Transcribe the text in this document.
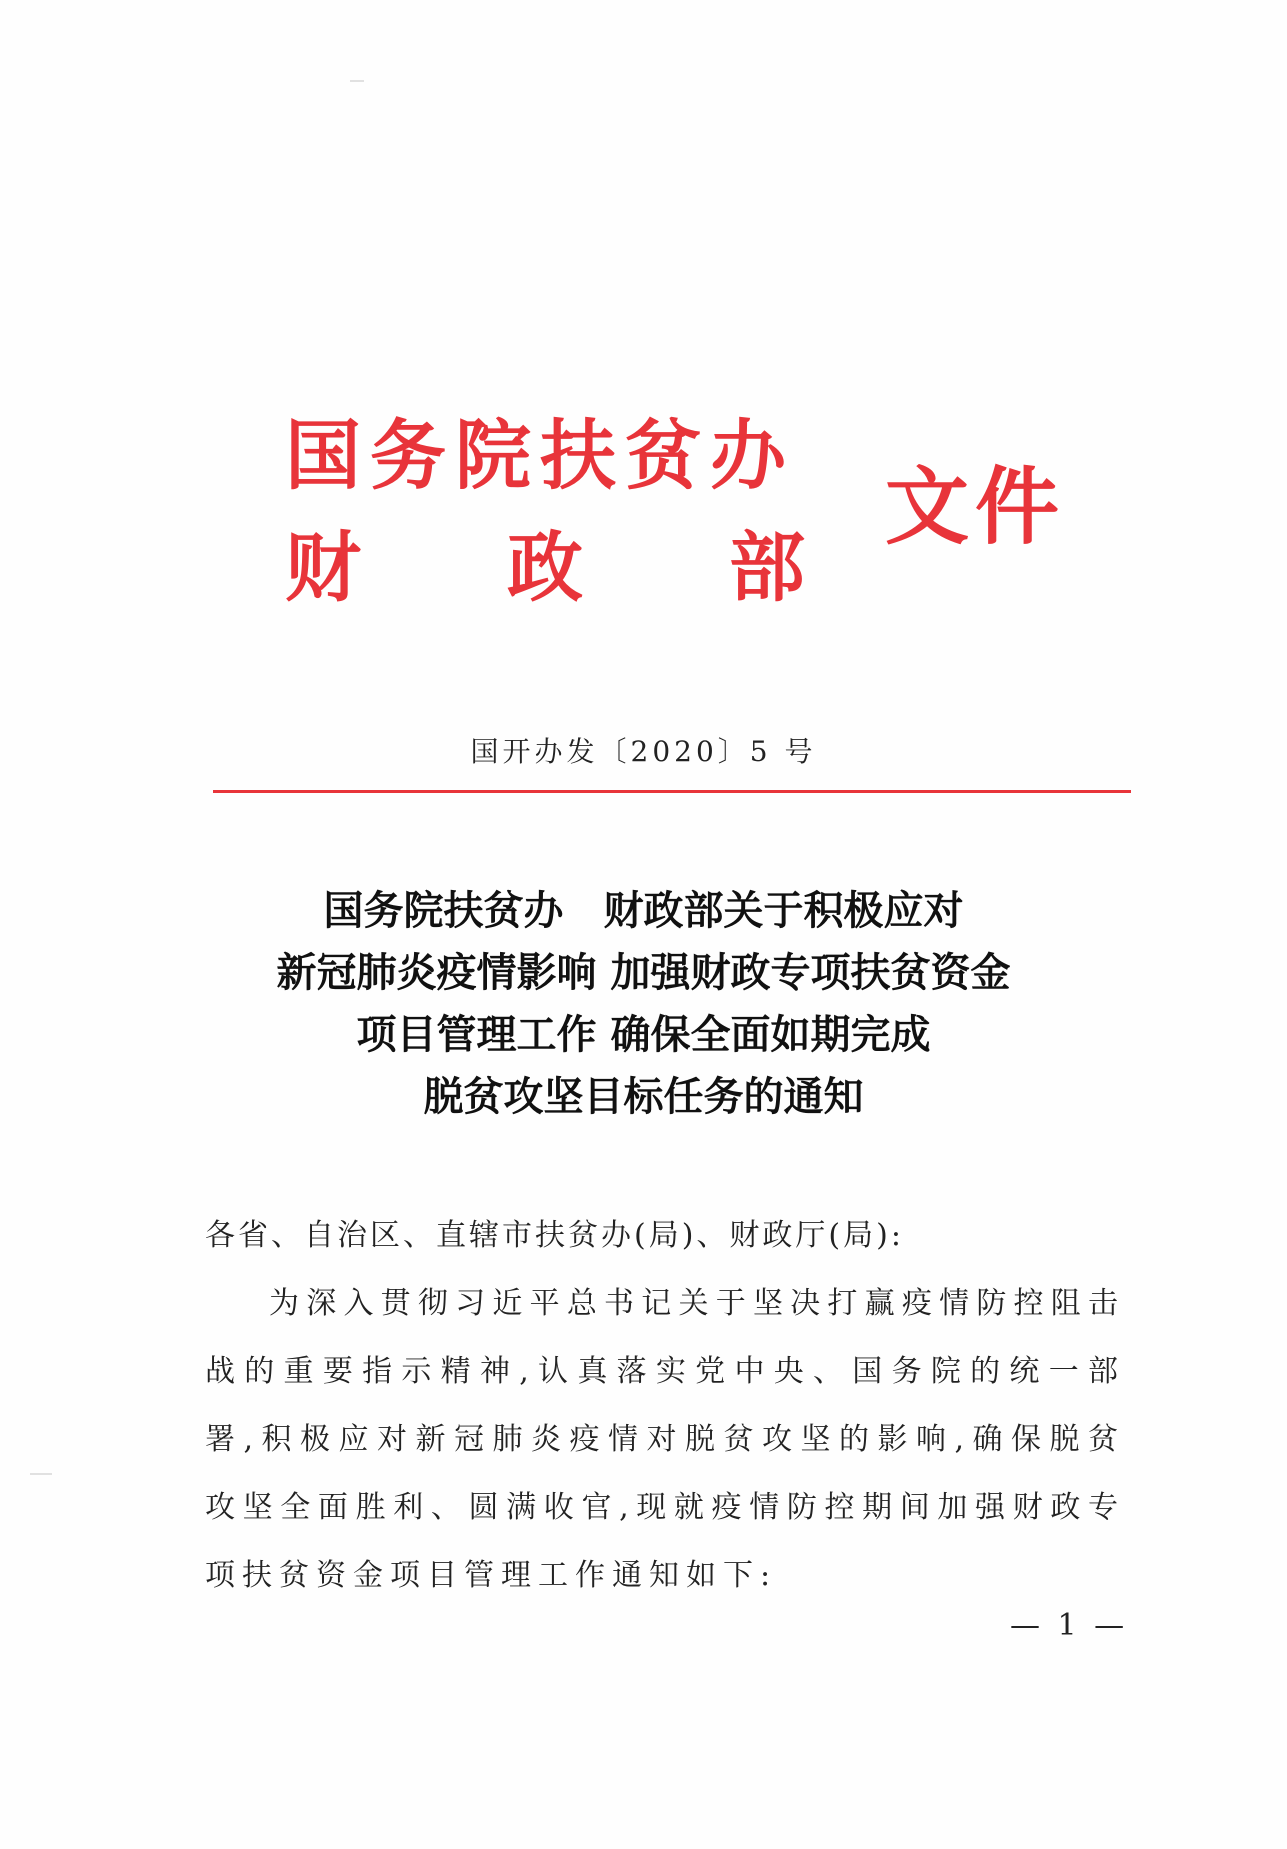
国务院扶贫办
财 政 部
文件
国开办发〔2020〕5 号
国务院扶贫办　财政部关于积极应对
新冠肺炎疫情影响 加强财政专项扶贫资金
项目管理工作 确保全面如期完成
脱贫攻坚目标任务的通知
各省、自治区、直辖市扶贫办(局)、财政厅(局):
为深入贯彻习近平总书记关于坚决打赢疫情防控阻击战的重要指示精神,认真落实党中央、国务院的统一部署,积极应对新冠肺炎疫情对脱贫攻坚的影响,确保脱贫攻坚全面胜利、圆满收官,现就疫情防控期间加强财政专项扶贫资金项目管理工作通知如下:
— 1 —
